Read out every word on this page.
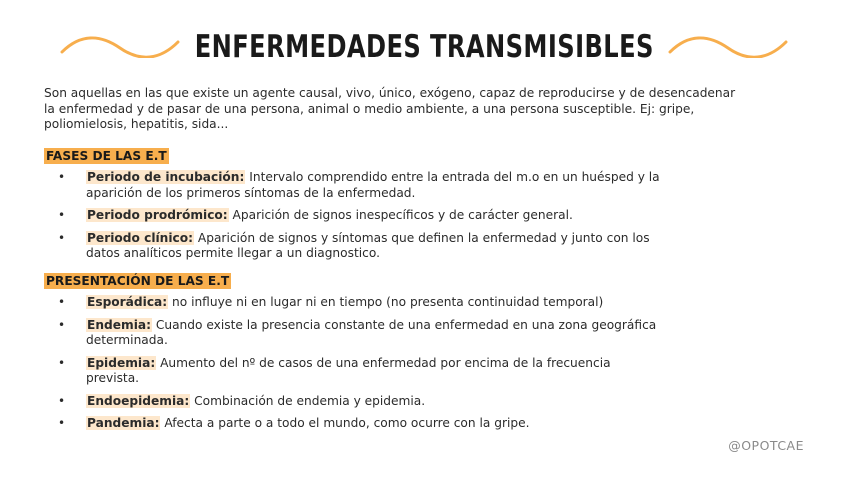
ENFERMEDADES TRANSMISIBLES

Son aquellas en las que existe un agente causal, vivo, único, exógeno, capaz de reproducirse y de desencadenar la enfermedad y de pasar de una persona, animal o medio ambiente, a una persona susceptible. Ej: gripe, poliomielosis, hepatitis, sida...

FASES DE LAS E.T
• Periodo de incubación: Intervalo comprendido entre la entrada del m.o en un huésped y la aparición de los primeros síntomas de la enfermedad.
• Periodo prodrómico: Aparición de signos inespecíficos y de carácter general.
• Periodo clínico: Aparición de signos y síntomas que definen la enfermedad y junto con los datos analíticos permite llegar a un diagnostico.
PRESENTACIÓN DE LAS E.T
• Esporádica: no influye ni en lugar ni en tiempo (no presenta continuidad temporal)
• Endemia: Cuando existe la presencia constante de una enfermedad en una zona geográfica determinada.
• Epidemia: Aumento del nº de casos de una enfermedad por encima de la frecuencia prevista.
• Endoepidemia: Combinación de endemia y epidemia.
• Pandemia: Afecta a parte o a todo el mundo, como ocurre con la gripe.
@OPOTCAE
